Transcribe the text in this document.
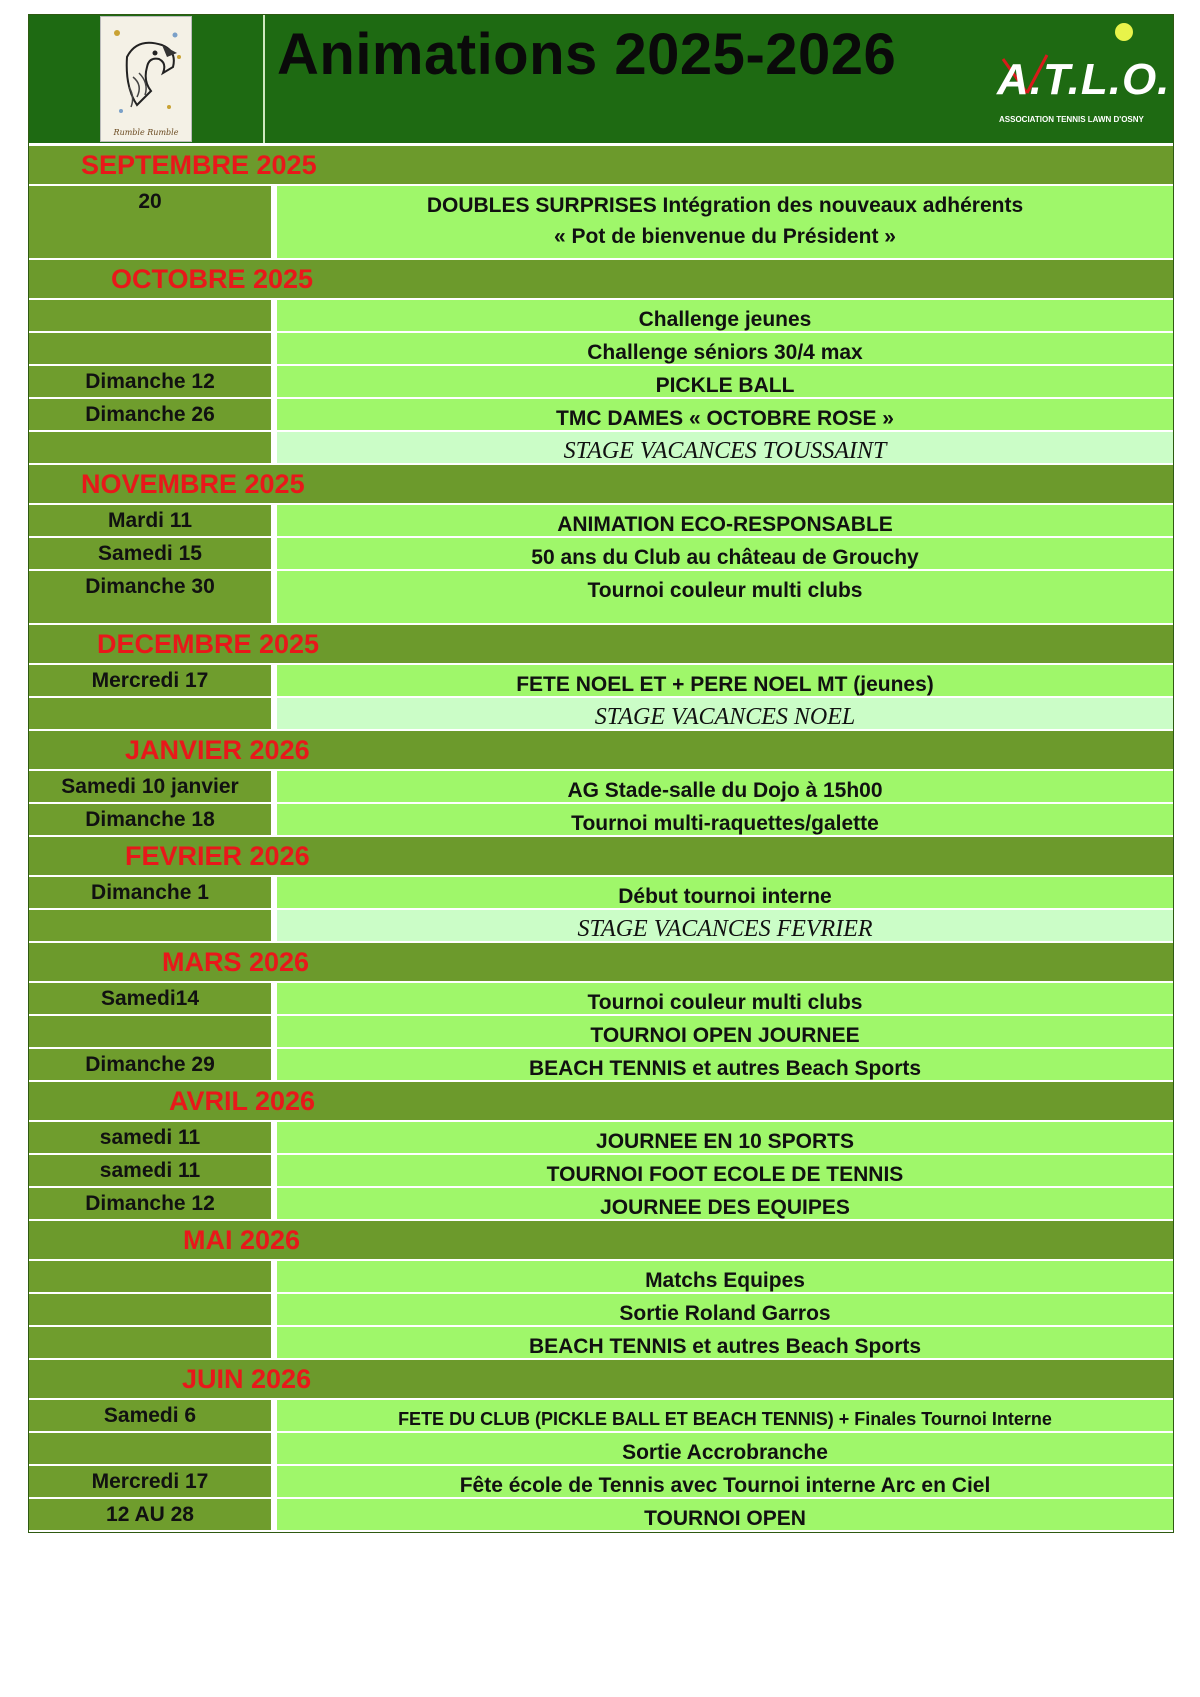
Rumble Rumble
Animations 2025-2026 A.T.L.O.
ASSOCIATION TENNIS LAWN D'OSNY
SEPTEMBRE 2025
20	DOUBLES SURPRISES Intégration des nouveaux adhérents
« Pot de bienvenue du Président »
OCTOBRE 2025
Challenge jeunes
Challenge séniors 30/4 max
Dimanche 12	PICKLE BALL
Dimanche 26	TMC DAMES « OCTOBRE ROSE »
STAGE VACANCES TOUSSAINT
NOVEMBRE 2025
Mardi 11	ANIMATION ECO-RESPONSABLE
Samedi 15	50 ans du Club au château de Grouchy
Dimanche 30	Tournoi couleur multi clubs
DECEMBRE 2025
Mercredi 17	FETE NOEL ET + PERE NOEL MT (jeunes)
STAGE VACANCES NOEL
JANVIER 2026
Samedi 10 janvier	AG Stade-salle du Dojo à 15h00
Dimanche 18	Tournoi multi-raquettes/galette
FEVRIER 2026
Dimanche 1	Début tournoi interne
STAGE VACANCES FEVRIER
MARS 2026
Samedi14	Tournoi couleur multi clubs
TOURNOI OPEN JOURNEE
Dimanche 29	BEACH TENNIS et autres Beach Sports
AVRIL 2026
samedi 11	JOURNEE EN 10 SPORTS
samedi 11	TOURNOI FOOT ECOLE DE TENNIS
Dimanche 12	JOURNEE DES EQUIPES
MAI 2026
Matchs Equipes
Sortie Roland Garros
BEACH TENNIS et autres Beach Sports
JUIN 2026
Samedi 6	FETE DU CLUB (PICKLE BALL ET BEACH TENNIS) + Finales Tournoi Interne
Sortie Accrobranche
Mercredi 17	Fête école de Tennis avec Tournoi interne Arc en Ciel
12 AU 28	TOURNOI OPEN
